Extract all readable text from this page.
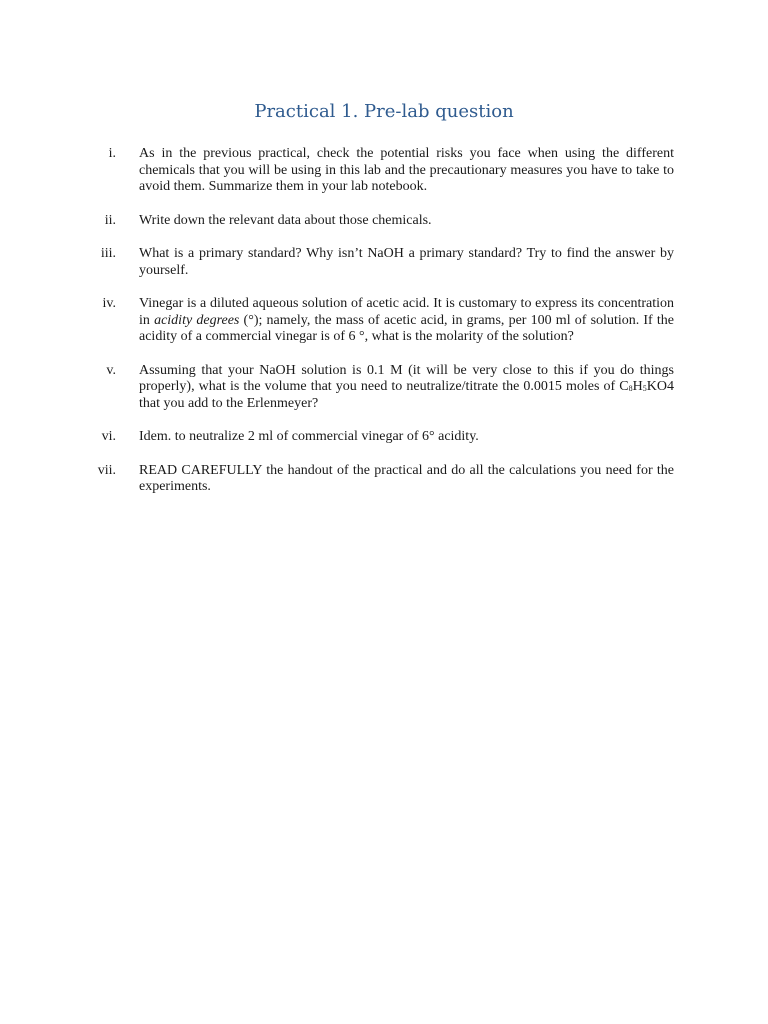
Practical 1. Pre-lab question
i. As in the previous practical, check the potential risks you face when using the different chemicals that you will be using in this lab and the precautionary measures you have to take to avoid them. Summarize them in your lab notebook.
ii. Write down the relevant data about those chemicals.
iii. What is a primary standard? Why isn’t NaOH a primary standard? Try to find the answer by yourself.
iv. Vinegar is a diluted aqueous solution of acetic acid. It is customary to express its concentration in acidity degrees (°); namely, the mass of acetic acid, in grams, per 100 ml of solution. If the acidity of a commercial vinegar is of 6 °, what is the molarity of the solution?
v. Assuming that your NaOH solution is 0.1 M (it will be very close to this if you do things properly), what is the volume that you need to neutralize/titrate the 0.0015 moles of $C_8H_5KO4$ that you add to the Erlenmeyer?
vi. Idem. to neutralize 2 ml of commercial vinegar of 6° acidity.
vii. READ CAREFULLY the handout of the practical and do all the calculations you need for the experiments.
